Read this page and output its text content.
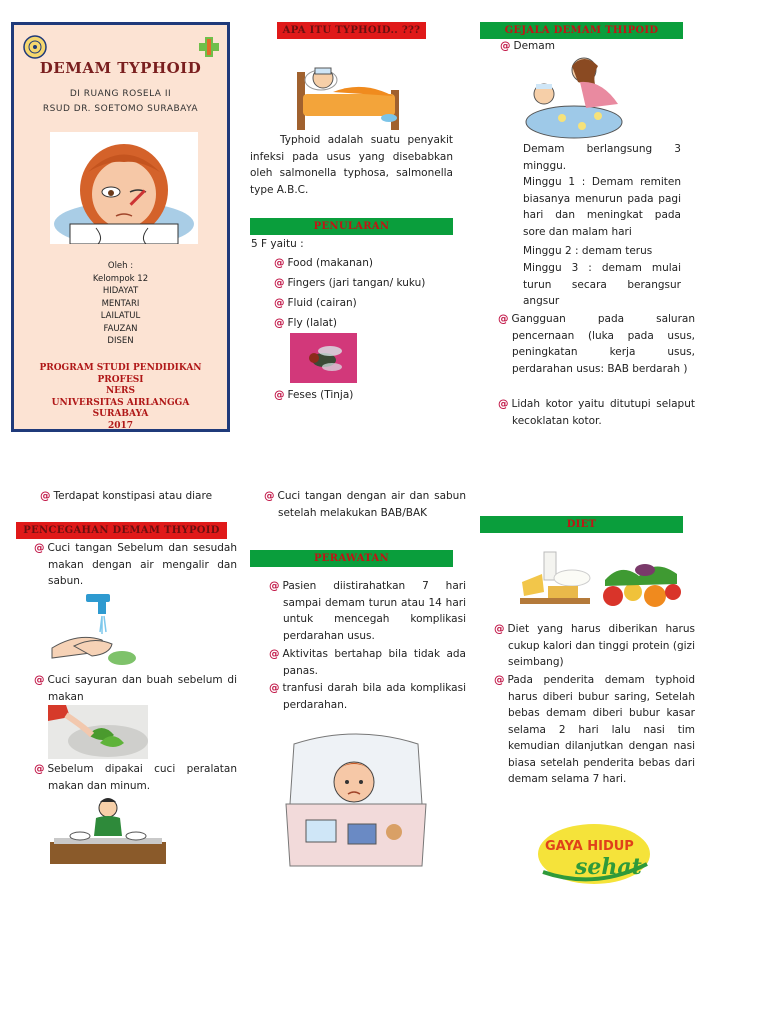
DEMAM TYPHOID
DI RUANG ROSELA II
RSUD DR. SOETOMO SURABAYA
Oleh :
Kelompok 12
HIDAYAT
MENTARI
LAILATUL
FAUZAN
DISEN
PROGRAM STUDI PENDIDIKAN PROFESI
NERS
UNIVERSITAS AIRLANGGA
SURABAYA
2017
APA ITU TYPHOID.. ???
Typhoid adalah suatu penyakit infeksi pada usus yang disebabkan oleh salmonella typhosa, salmonella type A.B.C.
PENULARAN
5 F yaitu :
@ Food (makanan)
@ Fingers (jari tangan/ kuku)
@ Fluid (cairan)
@ Fly (lalat)
@ Feses (Tinja)
GEJALA DEMAM THIPOID
@ Demam
Demam berlangsung 3 minggu.
Minggu 1 : Demam remiten biasanya menurun pada pagi hari dan meningkat pada sore dan malam hari
Minggu 2 : demam terus
Minggu 3 : demam mulai turun secara berangsur angsur
@ Gangguan pada saluran pencernaan (luka pada usus, peningkatan kerja usus, perdarahan usus: BAB berdarah )
@ Lidah kotor yaitu ditutupi selaput kecoklatan kotor.
@ Terdapat konstipasi atau diare
PENCEGAHAN DEMAM THYPOID
@ Cuci tangan Sebelum dan sesudah makan dengan air mengalir dan sabun.
@ Cuci sayuran dan buah sebelum di makan
@ Sebelum dipakai cuci peralatan makan dan minum.
@ Cuci tangan dengan air dan sabun setelah melakukan BAB/BAK
PERAWATAN
@ Pasien diistirahatkan 7 hari sampai demam turun atau 14 hari untuk mencegah komplikasi perdarahan usus.
@ Aktivitas bertahap bila tidak ada panas.
@ tranfusi darah bila ada komplikasi perdarahan.
DIET
@ Diet yang harus diberikan harus cukup kalori dan tinggi protein (gizi seimbang)
@ Pada penderita demam typhoid harus diberi bubur saring, Setelah bebas demam diberi bubur kasar selama 2 hari lalu nasi tim kemudian dilanjutkan dengan nasi biasa setelah penderita bebas dari demam selama 7 hari.
GAYA HIDUP
sehat
